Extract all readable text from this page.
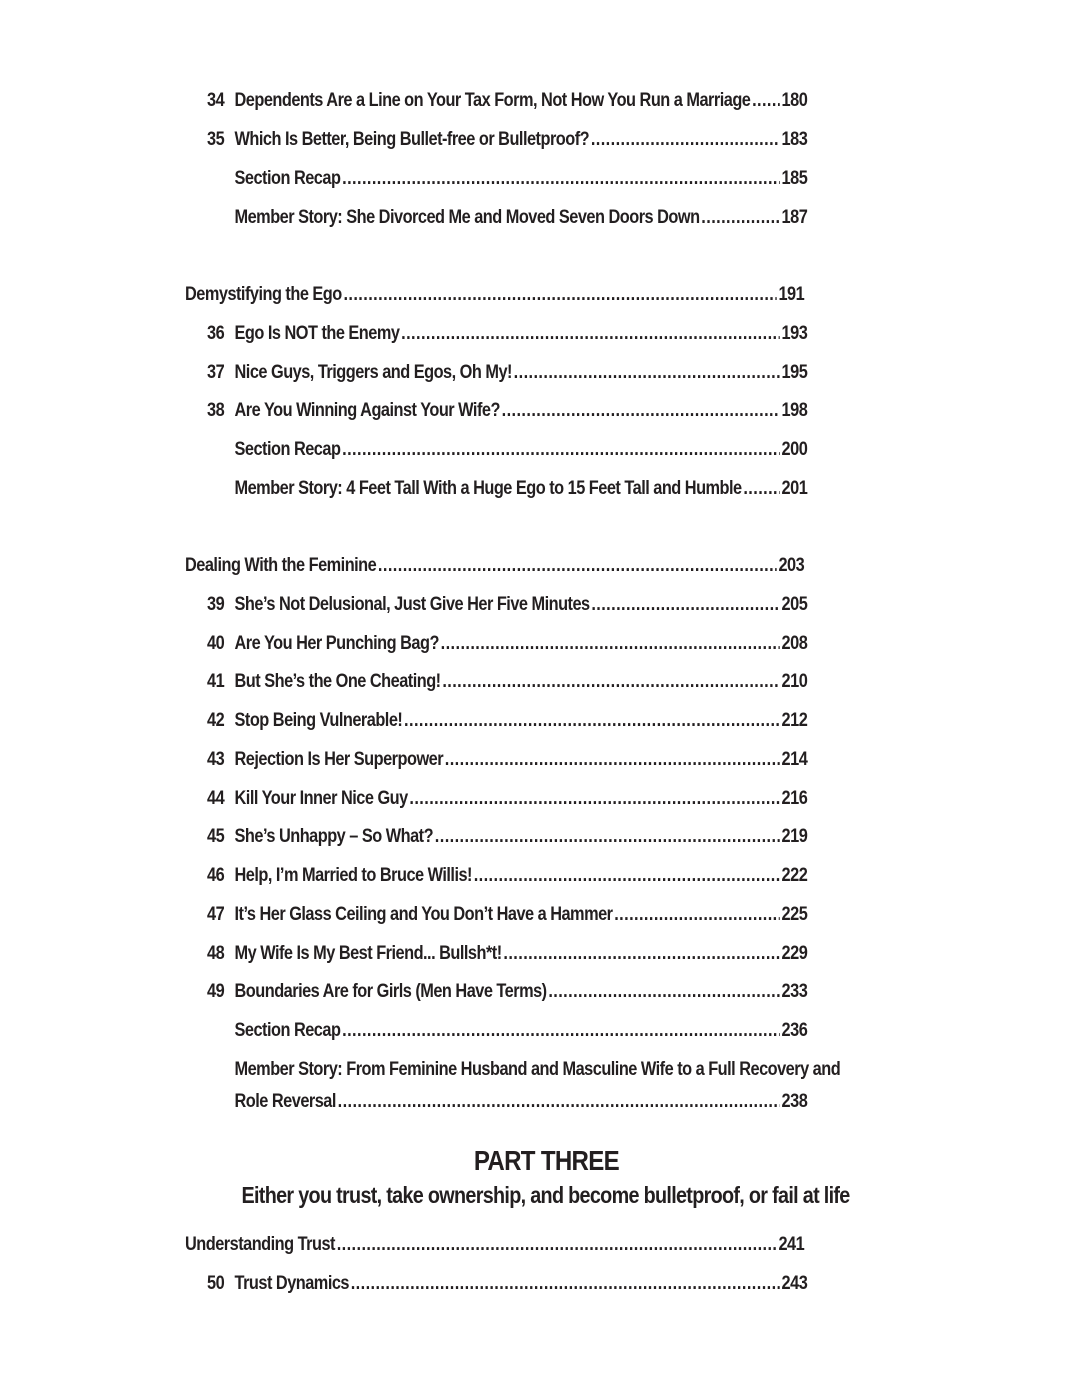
34 Dependents Are a Line on Your Tax Form, Not How You Run a Marriage . . . 180
35 Which Is Better, Being Bullet-free or Bulletproof? . . .	183
Section Recap . . .	185
Member Story: She Divorced Me and Moved Seven Doors Down . . .	187
Demystifying the Ego . . .	191
36 Ego Is NOT the Enemy . . .	193
37 Nice Guys, Triggers and Egos, Oh My! . . .	195
38 Are You Winning Against Your Wife? . . .	198
Section Recap . . .	200
Member Story: 4 Feet Tall With a Huge Ego to 15 Feet Tall and Humble . . . 201
Dealing With the Feminine . . .	203
39 She’s Not Delusional, Just Give Her Five Minutes . . .	205
40 Are You Her Punching Bag? . . .	208
41 But She’s the One Cheating! . . .	210
42 Stop Being Vulnerable! . . .	212
43 Rejection Is Her Superpower . . .	214
44 Kill Your Inner Nice Guy . . .	216
45 She’s Unhappy – So What? . . .	219
46 Help, I’m Married to Bruce Willis! . . .	222
47 It’s Her Glass Ceiling and You Don’t Have a Hammer . . .	225
48 My Wife Is My Best Friend... Bullsh*t! . . .	229
49 Boundaries Are for Girls (Men Have Terms) . . .	233
Section Recap . . .	236
Member Story: From Feminine Husband and Masculine Wife to a Full Recovery and
Role Reversal . . .	238
PART THREE
Either you trust, take ownership, and become bulletproof, or fail at life
Understanding Trust . . .	241
50 Trust Dynamics . . .	243
